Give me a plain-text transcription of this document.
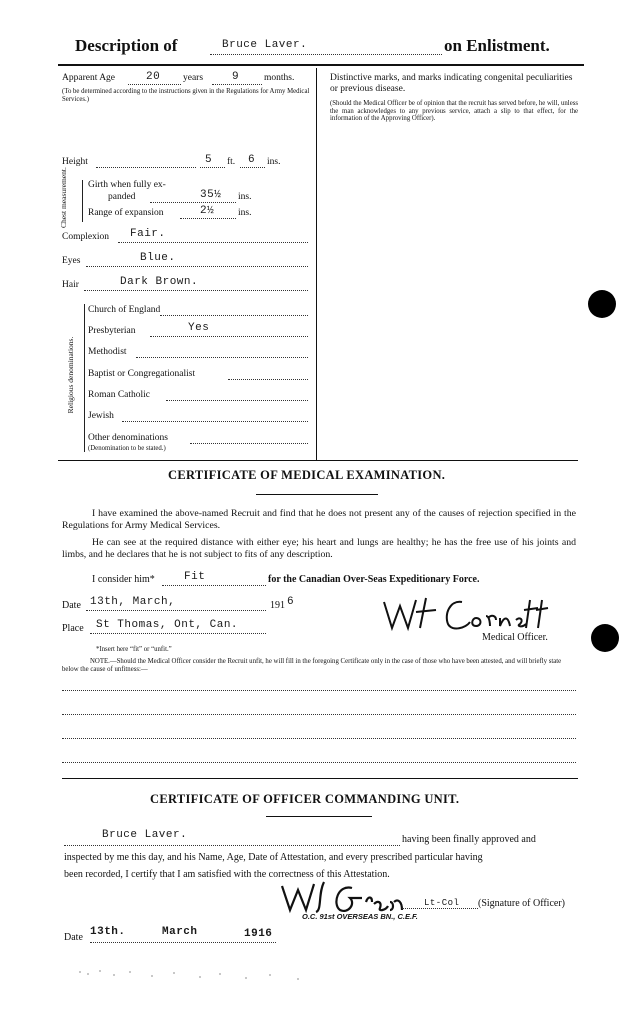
Description of	Bruce Laver.	on Enlistment.
Apparent Age	20 years	9	months.
(To be determined according to the instructions given in the Regulations for Army Medical Services.)
Height	5 ft. 6 ins.
Chest measurement.	Girth when fully ex-
panded	35½ ins.
Range of expansion	2½	ins.
Complexion Fair.
Eyes	Blue.
Hair	Dark Brown.
Religious denominations.
Church of England
Presbyterian	Yes
Methodist
Baptist or Congregationalist
Roman Catholic
Jewish
Other denominations
(Denomination to be stated.)
Distinctive marks, and marks indicating congenital peculiarities or previous disease.
(Should the Medical Officer be of opinion that the recruit has served before, he will, unless the man acknowledges to any previous service, attach a slip to that effect, for the information of the Approving Officer).
CERTIFICATE OF MEDICAL EXAMINATION.
I have examined the above-named Recruit and find that he does not present any of the causes of rejection specified in the Regulations for Army Medical Services.
He can see at the required distance with either eye; his heart and lungs are healthy; he has the free use of his joints and limbs, and he declares that he is not subject to fits of any description.
I consider him*	Fit	for the Canadian Over-Seas Expeditionary Force.
Date 13th, March,	191 6
Place St Thomas, Ont, Can.
Medical Officer.
*Insert here “fit” or “unfit.”
NOTE.—Should the Medical Officer consider the Recruit unfit, he will fill in the foregoing Certificate only in the case of those who have been attested, and will briefly state below the cause of unfitness:—
CERTIFICATE OF OFFICER COMMANDING UNIT.
Bruce Laver.	having been finally approved and
inspected by me this day, and his Name, Age, Date of Attestation, and every prescribed particular having
been recorded, I certify that I am satisfied with the correctness of this Attestation.
Lt-Col (Signature of Officer)
O.C. 91st OVERSEAS BN., C.E.F.
Date 13th.	March	1916
